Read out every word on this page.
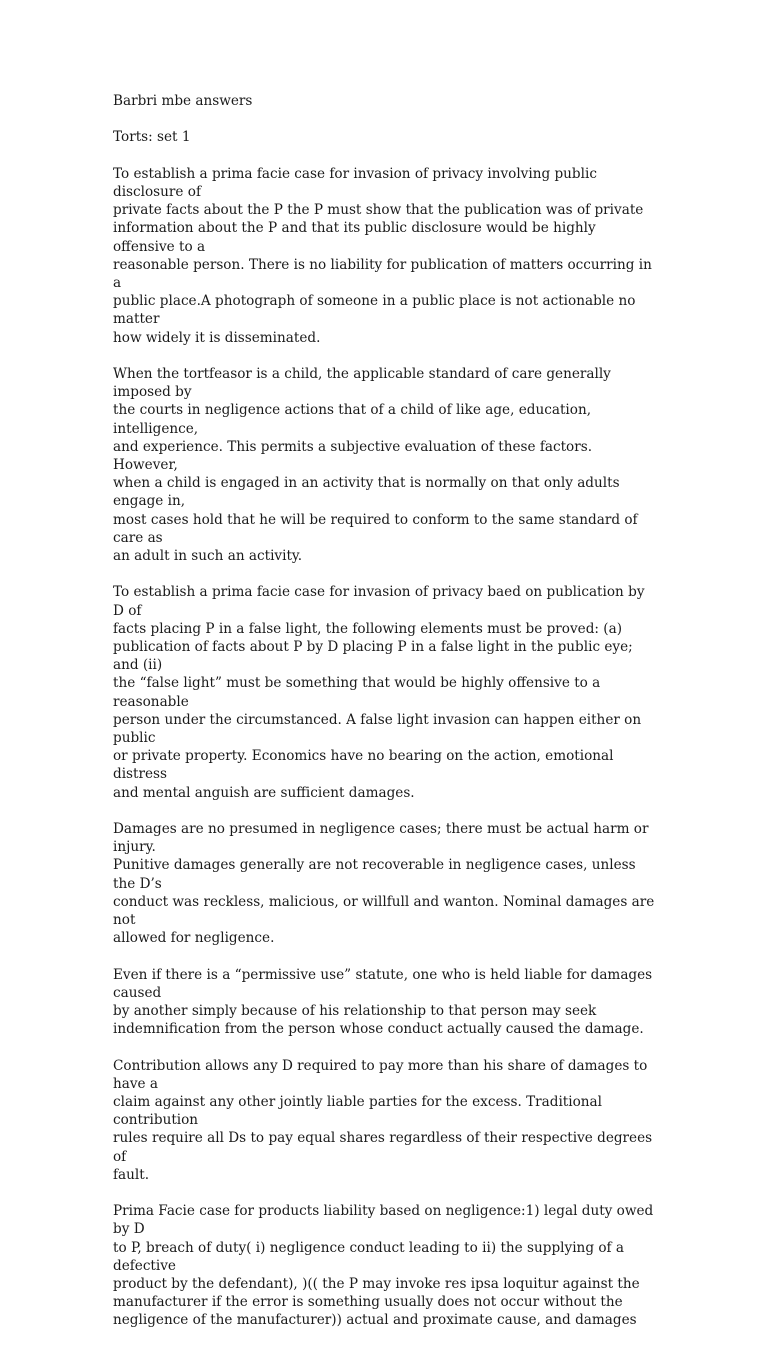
Barbri mbe answers

Torts: set 1

To establish a prima facie case for invasion of privacy involving public disclosure of

private facts about the P the P must show that the publication was of private

information about the P and that its public disclosure would be highly offensive to a

reasonable person. There is no liability for publication of matters occurring in a

public place.A photograph of someone in a public place is not actionable no matter

how widely it is disseminated.

When the tortfeasor is a child, the applicable standard of care generally imposed by

the courts in negligence actions that of a child of like age, education, intelligence,

and experience. This permits a subjective evaluation of these factors. However,

when a child is engaged in an activity that is normally on that only adults engage in,

most cases hold that he will be required to conform to the same standard of care as

an adult in such an activity.

To establish a prima facie case for invasion of privacy baed on publication by D of

facts placing P in a false light, the following elements must be proved: (a)

publication of facts about P by D placing P in a false light in the public eye; and (ii)

the “false light” must be something that would be highly offensive to a reasonable

person under the circumstanced. A false light invasion can happen either on public

or private property. Economics have no bearing on the action, emotional distress

and mental anguish are sufficient damages.

Damages are no presumed in negligence cases; there must be actual harm or injury.

Punitive damages generally are not recoverable in negligence cases, unless the D’s

conduct was reckless, malicious, or willfull and wanton. Nominal damages are not

allowed for negligence.

Even if there is a “permissive use” statute, one who is held liable for damages caused

by another simply because of his relationship to that person may seek

indemnification from the person whose conduct actually caused the damage.

Contribution allows any D required to pay more than his share of damages to have a

claim against any other jointly liable parties for the excess. Traditional contribution

rules require all Ds to pay equal shares regardless of their respective degrees of

fault.

Prima Facie case for products liability based on negligence:1) legal duty owed by D

to P, breach of duty( i) negligence conduct leading to ii) the supplying of a defective

product by the defendant), )(( the P may invoke res ipsa loquitur against the

manufacturer if the error is something usually does not occur without the

negligence of the manufacturer)) actual and proximate cause, and damages
